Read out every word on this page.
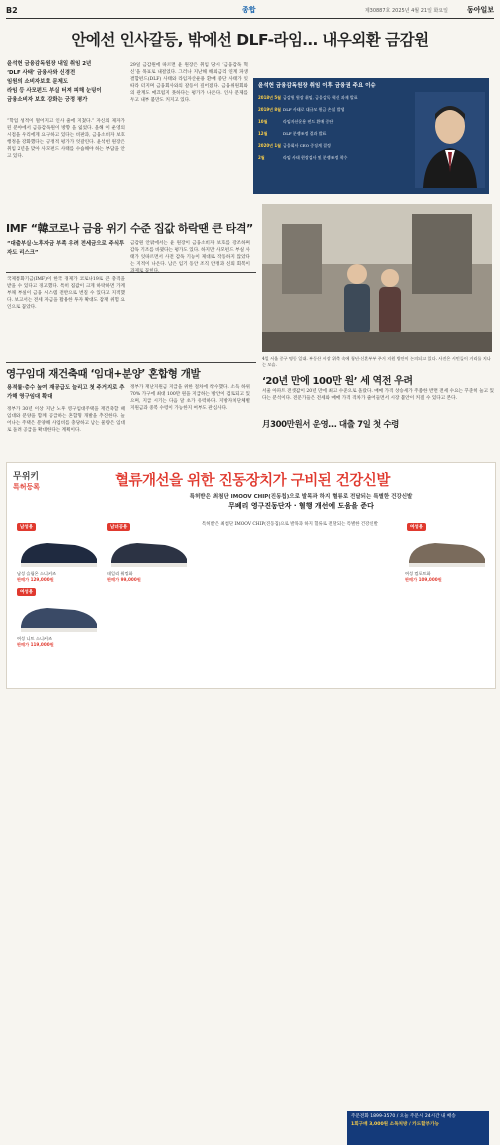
B2	종합	제30887호 2025년 4월 21일 화요일	동아일보
안에선 인사갈등, 밖에선 DLF-라임… 내우외환 금감원
윤석헌 금융감독원장 내일 취임 2년
‘DLF 사태’ 금융사와 신경전
임원의 소비자보호 문제도
라임 등 사모펀드 부실 터져 피해 눈덩이
금융소비자 보호 강화는 긍정 평가
“학업 성적이 떨어지고 인사 줄에 지쳤다.” 자신의 제자가 된 분야에서 금융감독원이 방향 을 잃었다. 올해 이 운영의 시점을 우리에게 요구하고 있다는 비판과, 금융소비자 보호 행정을 강화했다는 긍정적 평가가 엇갈린다. 윤석헌 원장은 취임 2년을 맞아 사모펀드 사태를 수습해야 하는 부담을 안고 있다.
29일 금감원에 따르면 윤 원장은 취임 당시 ‘금융감독 혁신’을 목표로 내걸었다. 그러나 지난해 해외금리 연계 파생결합펀드(DLF) 사태와 라임자산운용 환매 중단 사태가 잇따라 터지며 금융회사와의 갈등이 깊어졌다. 금융위원회와의 관계도 매끄럽지 못하다는 평가가 나온다. 인사 문제를 두고 내부 불만도 커지고 있다.
윤석헌 금융감독원장 취임 이후 금융권 주요 이슈
2018년 5월 금감원 원장 취임, 금융감독 혁신 과제 발표
2019년 8월 DLF 사태로 대규모 원금 손실 발생
10월	라임자산운용 펀드 환매 중단
12월	DLF 분쟁조정 결과 발표
2020년 1월 금융회사 CEO 중징계 결정
2월	라임 사태 현장검사 및 분쟁조정 착수
IMF “韓코로나 금융 위기 수준 집값 하락땐 큰 타격”
“대출부실·노후자금 부족 우려 전세금으로 주식투자도 리스크”
국제통화기금(IMF)이 한국 경제가 코로나19로 큰 충격을 받을 수 있다고 경고했다. 특히 집값이 크게 하락하면 가계부채 부실이 금융 시스템 전반으로 번질 수 있다고 지적했다. 보고서는 전세 자금을 활용한 투자 확대도 잠재 위험 요인으로 꼽았다.
금감원 안팎에서는 윤 원장이 금융소비자 보호를 강조하며 감독 기조를 바꿨다는 평가도 있다. 하지만 사모펀드 부실 사태가 잇따르면서 사전 감독 기능이 제대로 작동하지 않았다는 지적이 나온다. 남은 임기 동안 조직 안정과 신뢰 회복이 과제로 꼽힌다.
4일 서울 중구 명동 일대. 부동산 시장 위축 속에 청년·신혼부부 주거 지원 방안이 논의되고 있다. 사진은 시민들이 거리를 지나는 모습.
‘20년 만에 100만 원’ 세 역전 우려
서울 아파트 전셋값이 20년 만에 최고 수준으로 올랐다. 매매 가격 상승세가 주춤한 반면 전세 수요는 꾸준히 늘고 있다는 분석이다. 전문가들은 전세와 매매 가격 격차가 줄어들면서 시장 불안이 커질 수 있다고 본다.
영구임대 재건축때 ‘임대+분양’ 혼합형 개발
용적률·층수 높여 재공급도 늘리고 첫 주거지로 추가해 영구임대 확대
정부가 30년 이상 지난 노후 영구임대주택을 재건축할 때 임대와 분양을 함께 공급하는 혼합형 개발을 추진한다. 늘어나는 주택은 분양해 사업비를 충당하고 남는 물량은 임대로 돌려 공급을 확대한다는 계획이다.
정부가 재난지원금 지급을 위한 절차에 착수했다. 소득 하위 70% 가구에 최대 100만 원을 지급하는 방안이 검토되고 있으며, 지급 시기는 다음 달 초가 유력하다. 지방자치단체별 지원금과 중복 수령이 가능한지 여부도 관심사다.
月300만원서 운영… 대출 7일 첫 수령
무위키
특허등록	혈류개선을 위한 진동장치가 구비된 건강신발
특허받은 최첨단 IMOOV CHIP(진동칩)으로 발목과 하지 혈류로 전달되는 특별한 건강신발
무베리 영구진동단자 · 혈행 개선에 도움을 준다
남성용
남성 슬립온 스니커즈
판매가 129,000원
여성용
여성 니트 스니커즈
판매가 119,000원
남녀공용
데일리 워킹화
판매가 99,000원
여성용
여성 컴포트화
판매가 109,000원
특허받은 최첨단 IMOOV CHIP(진동칩)으로 발목과 하지 혈류로 전달되는 특별한 건강신발
주문전화 1899-3570 / 오늘 주문시 24시간 내 배송
1회구매 3,000원 소독처방 / 카드할부가능
